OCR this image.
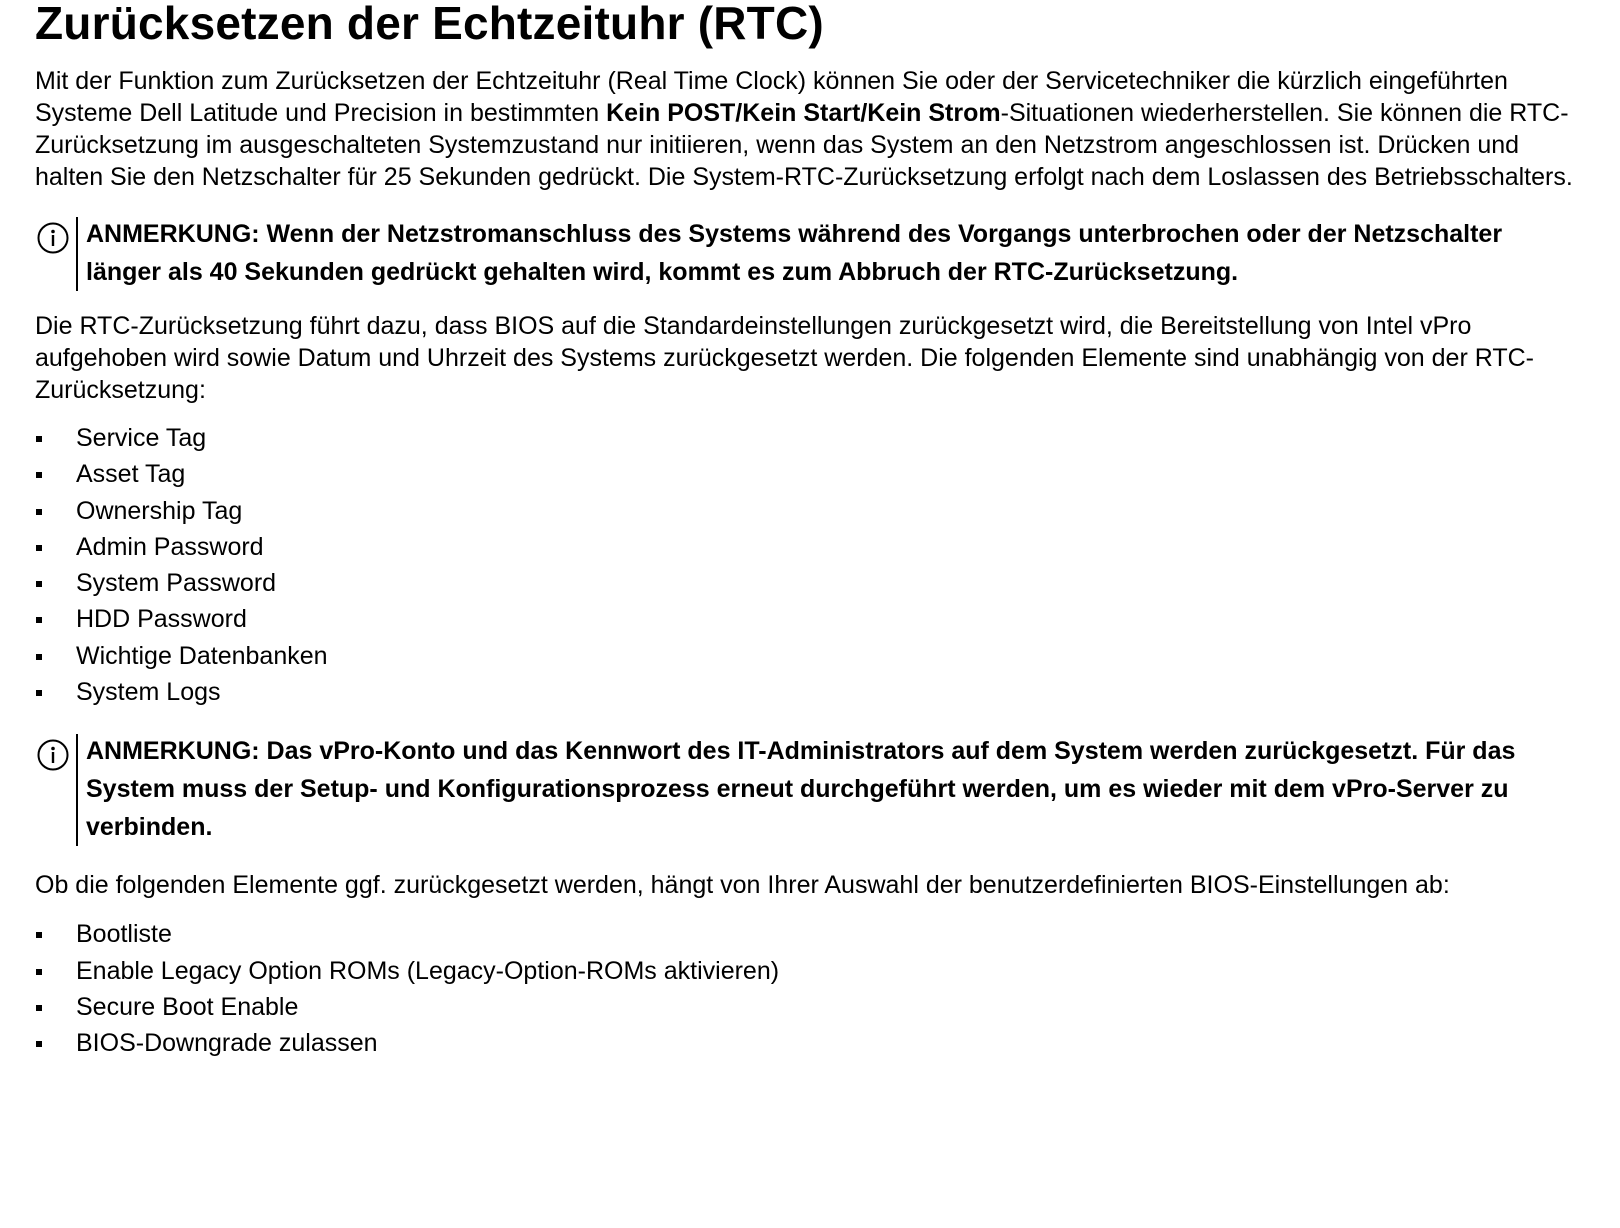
Zurücksetzen der Echtzeituhr (RTC)

Mit der Funktion zum Zurücksetzen der Echtzeituhr (Real Time Clock) können Sie oder der Servicetechniker die kürzlich eingeführten Systeme Dell Latitude und Precision in bestimmten Kein POST/Kein Start/Kein Strom-Situationen wiederherstellen. Sie können die RTC-Zurücksetzung im ausgeschalteten Systemzustand nur initiieren, wenn das System an den Netzstrom angeschlossen ist. Drücken und halten Sie den Netzschalter für 25 Sekunden gedrückt. Die System-RTC-Zurücksetzung erfolgt nach dem Loslassen des Betriebsschalters.

ANMERKUNG: Wenn der Netzstromanschluss des Systems während des Vorgangs unterbrochen oder der Netzschalter länger als 40 Sekunden gedrückt gehalten wird, kommt es zum Abbruch der RTC-Zurücksetzung.

Die RTC-Zurücksetzung führt dazu, dass BIOS auf die Standardeinstellungen zurückgesetzt wird, die Bereitstellung von Intel vPro aufgehoben wird sowie Datum und Uhrzeit des Systems zurückgesetzt werden. Die folgenden Elemente sind unabhängig von der RTC-Zurücksetzung:

Service Tag
Asset Tag
Ownership Tag
Admin Password
System Password
HDD Password
Wichtige Datenbanken
System Logs
ANMERKUNG: Das vPro-Konto und das Kennwort des IT-Administrators auf dem System werden zurückgesetzt. Für das System muss der Setup- und Konfigurationsprozess erneut durchgeführt werden, um es wieder mit dem vPro-Server zu verbinden.

Ob die folgenden Elemente ggf. zurückgesetzt werden, hängt von Ihrer Auswahl der benutzerdefinierten BIOS-Einstellungen ab:

Bootliste
Enable Legacy Option ROMs (Legacy-Option-ROMs aktivieren)
Secure Boot Enable
BIOS-Downgrade zulassen
